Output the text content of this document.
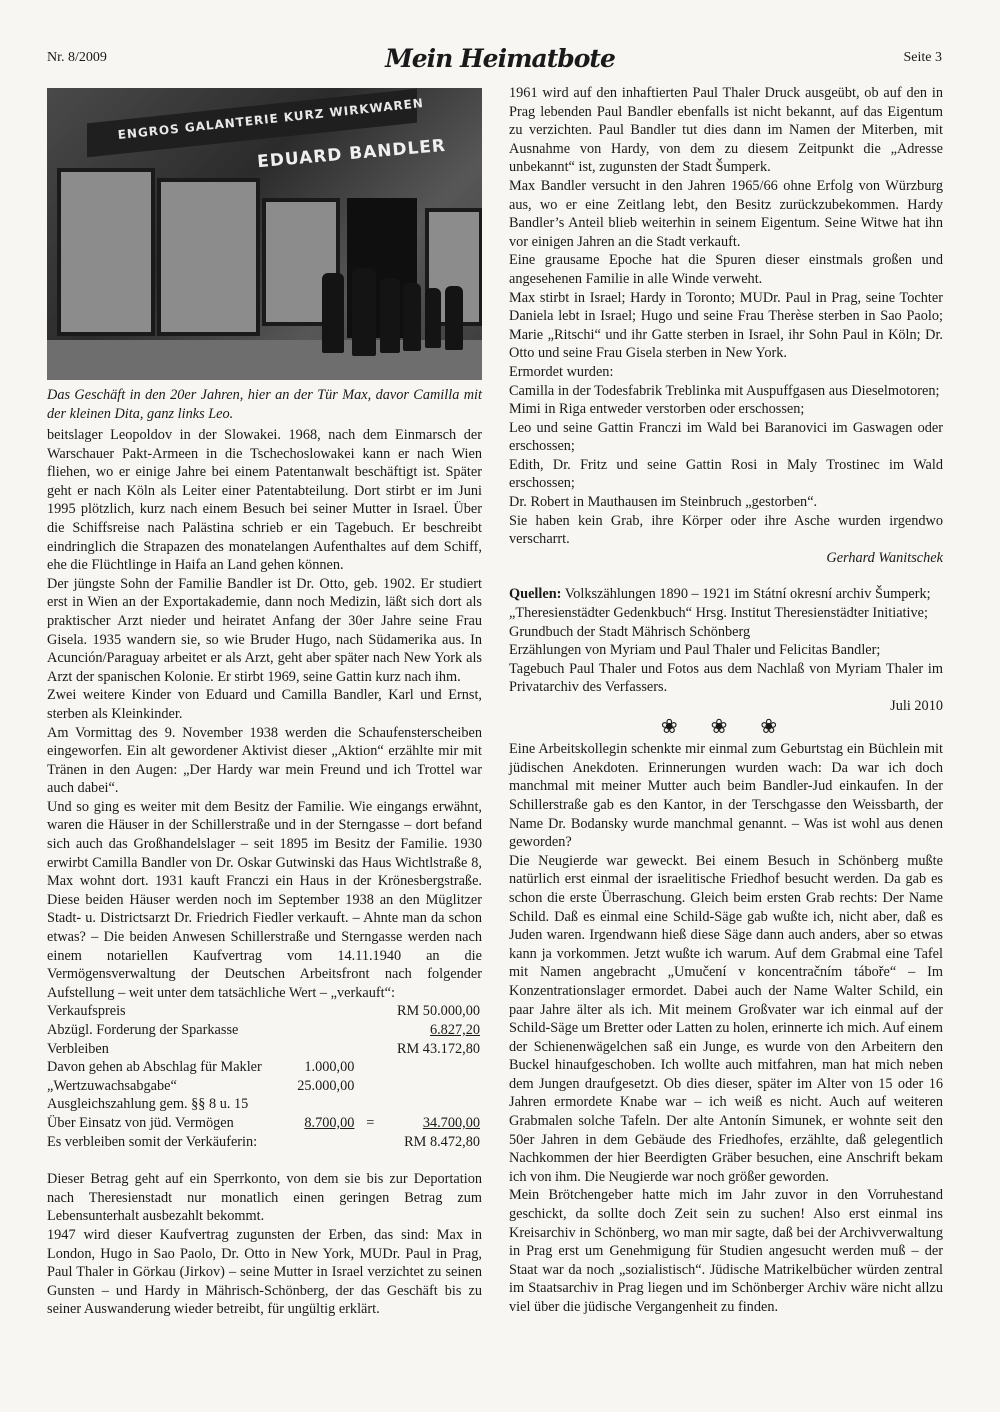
Nr. 8/2009	Mein Heimatbote	Seite 3
ENGROS GALANTERIE KURZ WIRKWAREN
EDUARD BANDLER
Das Geschäft in den 20er Jahren, hier an der Tür Max, davor Camilla mit der kleinen Dita, ganz links Leo.

beitslager Leopoldov in der Slowakei. 1968, nach dem Einmarsch der Warschauer Pakt-Armeen in die Tschechoslowakei kann er nach Wien fliehen, wo er einige Jahre bei einem Patentanwalt beschäftigt ist. Später geht er nach Köln als Leiter einer Patentabteilung. Dort stirbt er im Juni 1995 plötzlich, kurz nach einem Besuch bei seiner Mutter in Israel. Über die Schiffsreise nach Palästina schrieb er ein Tagebuch. Er beschreibt eindringlich die Strapazen des monatelangen Aufenthaltes auf dem Schiff, ehe die Flüchtlinge in Haifa an Land gehen können.

Der jüngste Sohn der Familie Bandler ist Dr. Otto, geb. 1902. Er studiert erst in Wien an der Exportakademie, dann noch Medizin, läßt sich dort als praktischer Arzt nieder und heiratet Anfang der 30er Jahre seine Frau Gisela. 1935 wandern sie, so wie Bruder Hugo, nach Südamerika aus. In Acunción/Paraguay arbeitet er als Arzt, geht aber später nach New York als Arzt der spanischen Kolonie. Er stirbt 1969, seine Gattin kurz nach ihm.

Zwei weitere Kinder von Eduard und Camilla Bandler, Karl und Ernst, sterben als Kleinkinder.

Am Vormittag des 9. November 1938 werden die Schaufensterscheiben eingeworfen. Ein alt gewordener Aktivist dieser „Aktion“ erzählte mir mit Tränen in den Augen: „Der Hardy war mein Freund und ich Trottel war auch dabei“.

Und so ging es weiter mit dem Besitz der Familie. Wie eingangs erwähnt, waren die Häuser in der Schillerstraße und in der Sterngasse – dort befand sich auch das Großhandelslager – seit 1895 im Besitz der Familie. 1930 erwirbt Camilla Bandler von Dr. Oskar Gutwinski das Haus Wichtlstraße 8, Max wohnt dort. 1931 kauft Franczi ein Haus in der Krönesbergstraße. Diese beiden Häuser werden noch im September 1938 an den Müglitzer Stadt- u. Districtsarzt Dr. Friedrich Fiedler verkauft. – Ahnte man da schon etwas? – Die beiden Anwesen Schillerstraße und Sterngasse werden nach einem notariellen Kaufvertrag vom 14.11.1940 an die Vermögensverwaltung der Deutschen Arbeitsfront nach folgender Aufstellung – weit unter dem tatsächliche Wert – „verkauft“:

Verkaufspreis			RM 50.000,00
Abzügl. Forderung der Sparkasse			6.827,20
Verbleiben			RM 43.172,80
Davon gehen ab Abschlag für Makler	1.000,00		
„Wertzuwachsabgabe“	25.000,00		
Ausgleichszahlung gem. §§ 8 u. 15			
Über Einsatz von jüd. Vermögen	8.700,00	=	34.700,00
Es verbleiben somit der Verkäuferin:			RM 8.472,80

Dieser Betrag geht auf ein Sperrkonto, von dem sie bis zur Deportation nach Theresienstadt nur monatlich einen geringen Betrag zum Lebensunterhalt ausbezahlt bekommt.

1947 wird dieser Kaufvertrag zugunsten der Erben, das sind: Max in London, Hugo in Sao Paolo, Dr. Otto in New York, MUDr. Paul in Prag, Paul Thaler in Görkau (Jirkov) – seine Mutter in Israel verzichtet zu seinen Gunsten – und Hardy in Mährisch-Schönberg, der das Geschäft bis zu seiner Auswanderung wieder betreibt, für ungültig erklärt.

1961 wird auf den inhaftierten Paul Thaler Druck ausgeübt, ob auf den in Prag lebenden Paul Bandler ebenfalls ist nicht bekannt, auf das Eigentum zu verzichten. Paul Bandler tut dies dann im Namen der Miterben, mit Ausnahme von Hardy, von dem zu diesem Zeitpunkt die „Adresse unbekannt“ ist, zugunsten der Stadt Šumperk.

Max Bandler versucht in den Jahren 1965/66 ohne Erfolg von Würzburg aus, wo er eine Zeitlang lebt, den Besitz zurückzubekommen. Hardy Bandler’s Anteil blieb weiterhin in seinem Eigentum. Seine Witwe hat ihn vor einigen Jahren an die Stadt verkauft.

Eine grausame Epoche hat die Spuren dieser einstmals großen und angesehenen Familie in alle Winde verweht.

Max stirbt in Israel; Hardy in Toronto; MUDr. Paul in Prag, seine Tochter Daniela lebt in Israel; Hugo und seine Frau Therèse sterben in Sao Paolo; Marie „Ritschi“ und ihr Gatte sterben in Israel, ihr Sohn Paul in Köln; Dr. Otto und seine Frau Gisela sterben in New York.

Ermordet wurden:

Camilla in der Todesfabrik Treblinka mit Auspuffgasen aus Dieselmotoren;

Mimi in Riga entweder verstorben oder erschossen;

Leo und seine Gattin Franczi im Wald bei Baranovici im Gaswagen oder erschossen;

Edith, Dr. Fritz und seine Gattin Rosi in Maly Trostinec im Wald erschossen;

Dr. Robert in Mauthausen im Steinbruch „gestorben“.

Sie haben kein Grab, ihre Körper oder ihre Asche wurden irgendwo verscharrt.

Gerhard Wanitschek

Quellen: Volkszählungen 1890 – 1921 im Státní okresní archiv Šumperk;

„Theresienstädter Gedenkbuch“ Hrsg. Institut Theresienstädter Initiative;

Grundbuch der Stadt Mährisch Schönberg

Erzählungen von Myriam und Paul Thaler und Felicitas Bandler;

Tagebuch Paul Thaler und Fotos aus dem Nachlaß von Myriam Thaler im Privatarchiv des Verfassers.

Juli 2010

❀ ❀ ❀

Eine Arbeitskollegin schenkte mir einmal zum Geburtstag ein Büchlein mit jüdischen Anekdoten. Erinnerungen wurden wach: Da war ich doch manchmal mit meiner Mutter auch beim Bandler-Jud einkaufen. In der Schillerstraße gab es den Kantor, in der Terschgasse den Weissbarth, der Name Dr. Bodansky wurde manchmal genannt. – Was ist wohl aus denen geworden?

Die Neugierde war geweckt. Bei einem Besuch in Schönberg mußte natürlich erst einmal der israelitische Friedhof besucht werden. Da gab es schon die erste Überraschung. Gleich beim ersten Grab rechts: Der Name Schild. Daß es einmal eine Schild-Säge gab wußte ich, nicht aber, daß es Juden waren. Irgendwann hieß diese Säge dann auch anders, aber so etwas kann ja vorkommen. Jetzt wußte ich warum. Auf dem Grabmal eine Tafel mit Namen angebracht „Umučení v koncentračním táboře“ – Im Konzentrationslager ermordet. Dabei auch der Name Walter Schild, ein paar Jahre älter als ich. Mit meinem Großvater war ich einmal auf der Schild-Säge um Bretter oder Latten zu holen, erinnerte ich mich. Auf einem der Schienenwägelchen saß ein Junge, es wurde von den Arbeitern den Buckel hinaufgeschoben. Ich wollte auch mitfahren, man hat mich neben dem Jungen draufgesetzt. Ob dies dieser, später im Alter von 15 oder 16 Jahren ermordete Knabe war – ich weiß es nicht. Auch auf weiteren Grabmalen solche Tafeln. Der alte Antonín Simunek, er wohnte seit den 50er Jahren in dem Gebäude des Friedhofes, erzählte, daß gelegentlich Nachkommen der hier Beerdigten Gräber besuchen, eine Anschrift bekam ich von ihm. Die Neugierde war noch größer geworden.

Mein Brötchengeber hatte mich im Jahr zuvor in den Vorruhestand geschickt, da sollte doch Zeit sein zu suchen! Also erst einmal ins Kreisarchiv in Schönberg, wo man mir sagte, daß bei der Archivverwaltung in Prag erst um Genehmigung für Studien angesucht werden muß – der Staat war da noch „sozialistisch“. Jüdische Matrikelbücher würden zentral im Staatsarchiv in Prag liegen und im Schönberger Archiv wäre nicht allzu viel über die jüdische Vergangenheit zu finden.
